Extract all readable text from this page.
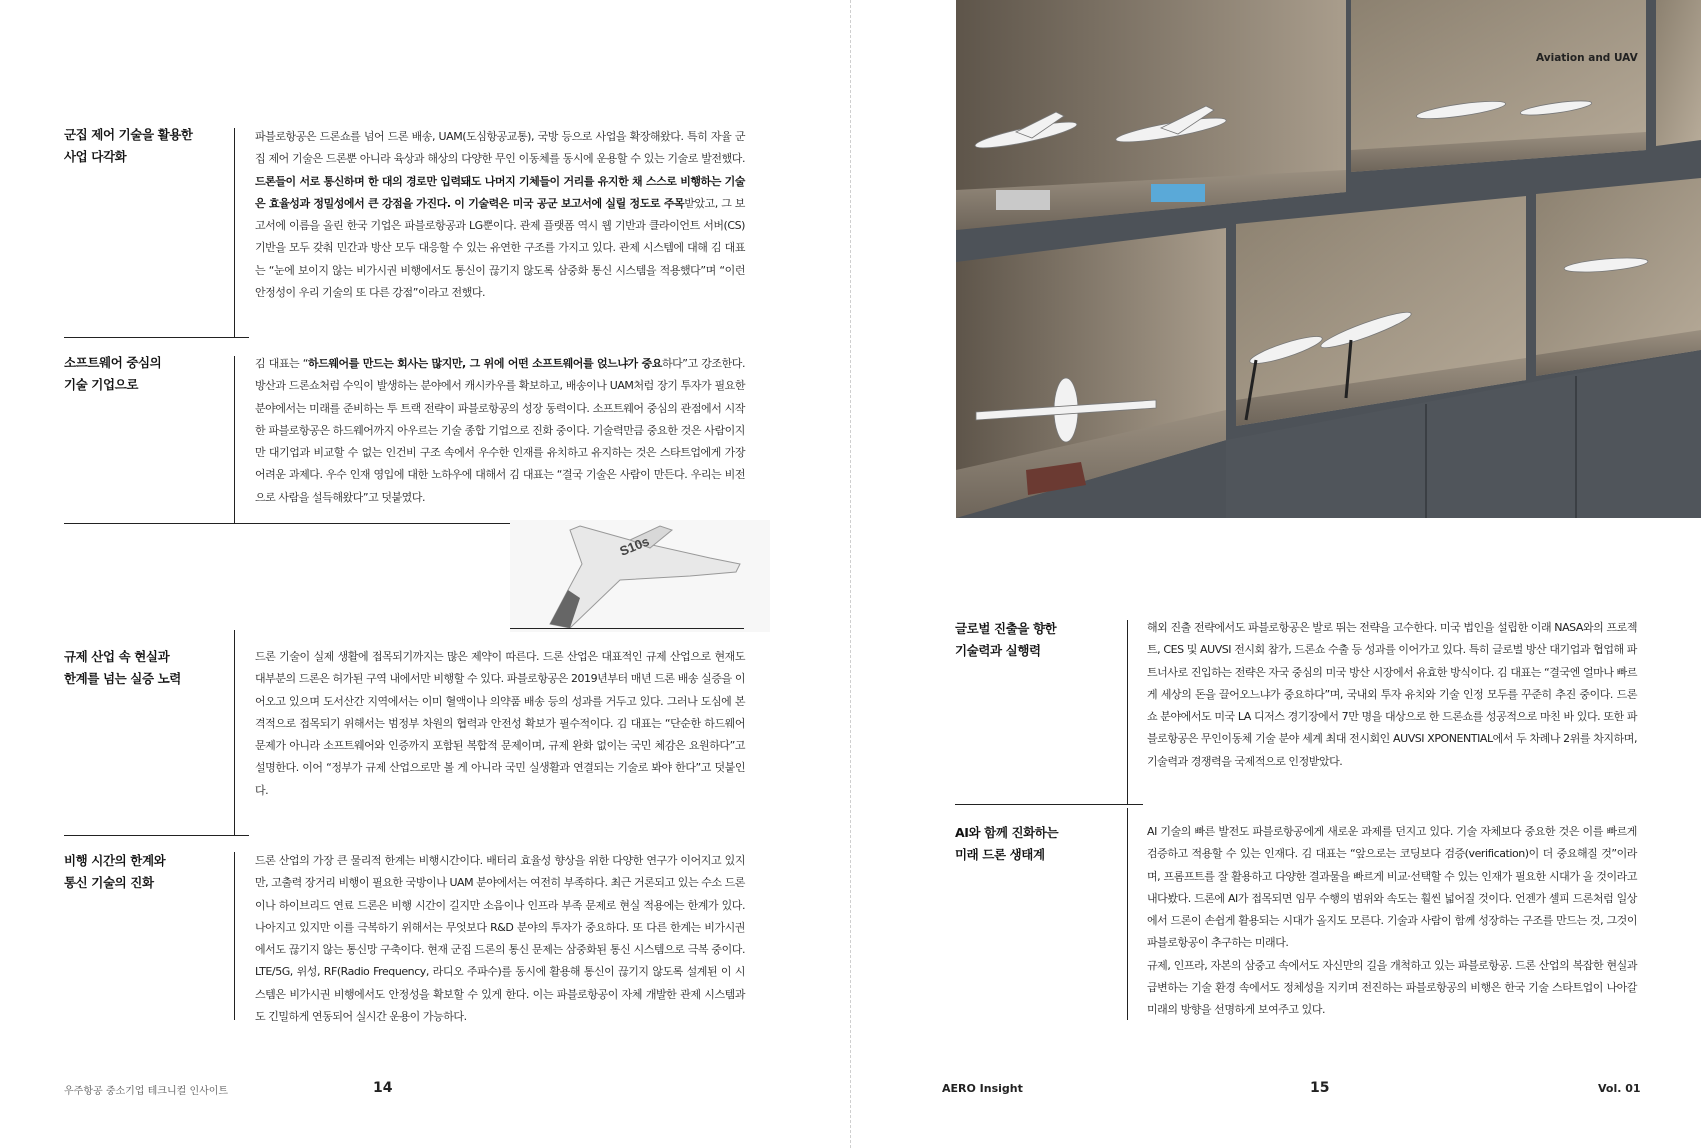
군집 제어 기술을 활용한
사업 다각화
파블로항공은 드론쇼를 넘어 드론 배송, UAM(도심항공교통), 국방 등으로 사업을 확장해왔다. 특히 자율 군집 제어 기술은 드론뿐 아니라 육상과 해상의 다양한 무인 이동체를 동시에 운용할 수 있는 기술로 발전했다. 드론들이 서로 통신하며 한 대의 경로만 입력돼도 나머지 기체들이 거리를 유지한 채 스스로 비행하는 기술은 효율성과 정밀성에서 큰 강점을 가진다. 이 기술력은 미국 공군 보고서에 실릴 정도로 주목받았고, 그 보고서에 이름을 올린 한국 기업은 파블로항공과 LG뿐이다. 관제 플랫폼 역시 웹 기반과 클라이언트 서버(CS) 기반을 모두 갖춰 민간과 방산 모두 대응할 수 있는 유연한 구조를 가지고 있다. 관제 시스템에 대해 김 대표는 “눈에 보이지 않는 비가시권 비행에서도 통신이 끊기지 않도록 삼중화 통신 시스템을 적용했다”며 “이런 안정성이 우리 기술의 또 다른 강점”이라고 전했다.
소프트웨어 중심의
기술 기업으로
김 대표는 “하드웨어를 만드는 회사는 많지만, 그 위에 어떤 소프트웨어를 얹느냐가 중요하다”고 강조한다. 방산과 드론쇼처럼 수익이 발생하는 분야에서 캐시카우를 확보하고, 배송이나 UAM처럼 장기 투자가 필요한 분야에서는 미래를 준비하는 투 트랙 전략이 파블로항공의 성장 동력이다. 소프트웨어 중심의 관점에서 시작한 파블로항공은 하드웨어까지 아우르는 기술 종합 기업으로 진화 중이다. 기술력만큼 중요한 것은 사람이지만 대기업과 비교할 수 없는 인건비 구조 속에서 우수한 인재를 유치하고 유지하는 것은 스타트업에게 가장 어려운 과제다. 우수 인재 영입에 대한 노하우에 대해서 김 대표는 “결국 기술은 사람이 만든다. 우리는 비전으로 사람을 설득해왔다”고 덧붙였다.
S10s
규제 산업 속 현실과
한계를 넘는 실증 노력
드론 기술이 실제 생활에 접목되기까지는 많은 제약이 따른다. 드론 산업은 대표적인 규제 산업으로 현재도 대부분의 드론은 허가된 구역 내에서만 비행할 수 있다. 파블로항공은 2019년부터 매년 드론 배송 실증을 이어오고 있으며 도서산간 지역에서는 이미 혈액이나 의약품 배송 등의 성과를 거두고 있다. 그러나 도심에 본격적으로 접목되기 위해서는 범정부 차원의 협력과 안전성 확보가 필수적이다. 김 대표는 “단순한 하드웨어 문제가 아니라 소프트웨어와 인증까지 포함된 복합적 문제이며, 규제 완화 없이는 국민 체감은 요원하다”고 설명한다. 이어 “정부가 규제 산업으로만 볼 게 아니라 국민 실생활과 연결되는 기술로 봐야 한다”고 덧붙인다.
비행 시간의 한계와
통신 기술의 진화
드론 산업의 가장 큰 물리적 한계는 비행시간이다. 배터리 효율성 향상을 위한 다양한 연구가 이어지고 있지만, 고출력 장거리 비행이 필요한 국방이나 UAM 분야에서는 여전히 부족하다. 최근 거론되고 있는 수소 드론이나 하이브리드 연료 드론은 비행 시간이 길지만 소음이나 인프라 부족 문제로 현실 적용에는 한계가 있다. 나아지고 있지만 이를 극복하기 위해서는 무엇보다 R&D 분야의 투자가 중요하다. 또 다른 한계는 비가시권에서도 끊기지 않는 통신망 구축이다. 현재 군집 드론의 통신 문제는 삼중화된 통신 시스템으로 극복 중이다. LTE/5G, 위성, RF(Radio Frequency, 라디오 주파수)를 동시에 활용해 통신이 끊기지 않도록 설계된 이 시스템은 비가시권 비행에서도 안정성을 확보할 수 있게 한다. 이는 파블로항공이 자체 개발한 관제 시스템과도 긴밀하게 연동되어 실시간 운용이 가능하다.
우주항공 중소기업 테크니컬 인사이트	14
Aviation and UAV
글로벌 진출을 향한
기술력과 실행력
해외 진출 전략에서도 파블로항공은 발로 뛰는 전략을 고수한다. 미국 법인을 설립한 이래 NASA와의 프로젝트, CES 및 AUVSI 전시회 참가, 드론쇼 수출 등 성과를 이어가고 있다. 특히 글로벌 방산 대기업과 협업해 파트너사로 진입하는 전략은 자국 중심의 미국 방산 시장에서 유효한 방식이다. 김 대표는 “결국엔 얼마나 빠르게 세상의 돈을 끌어오느냐가 중요하다”며, 국내외 투자 유치와 기술 인정 모두를 꾸준히 추진 중이다. 드론쇼 분야에서도 미국 LA 디저스 경기장에서 7만 명을 대상으로 한 드론쇼를 성공적으로 마친 바 있다. 또한 파블로항공은 무인이동체 기술 분야 세계 최대 전시회인 AUVSI XPONENTIAL에서 두 차례나 2위를 차지하며, 기술력과 경쟁력을 국제적으로 인정받았다.
AI와 함께 진화하는
미래 드론 생태계
AI 기술의 빠른 발전도 파블로항공에게 새로운 과제를 던지고 있다. 기술 자체보다 중요한 것은 이를 빠르게 검증하고 적용할 수 있는 인재다. 김 대표는 “앞으로는 코딩보다 검증(verification)이 더 중요해질 것”이라며, 프롬프트를 잘 활용하고 다양한 결과물을 빠르게 비교·선택할 수 있는 인재가 필요한 시대가 올 것이라고 내다봤다. 드론에 AI가 접목되면 임무 수행의 범위와 속도는 훨씬 넓어질 것이다. 언젠가 셀피 드론처럼 일상에서 드론이 손쉽게 활용되는 시대가 올지도 모른다. 기술과 사람이 함께 성장하는 구조를 만드는 것, 그것이 파블로항공이 추구하는 미래다.
규제, 인프라, 자본의 삼중고 속에서도 자신만의 길을 개척하고 있는 파블로항공. 드론 산업의 복잡한 현실과 급변하는 기술 환경 속에서도 정체성을 지키며 전진하는 파블로항공의 비행은 한국 기술 스타트업이 나아갈 미래의 방향을 선명하게 보여주고 있다.
AERO Insight	15	Vol. 01
